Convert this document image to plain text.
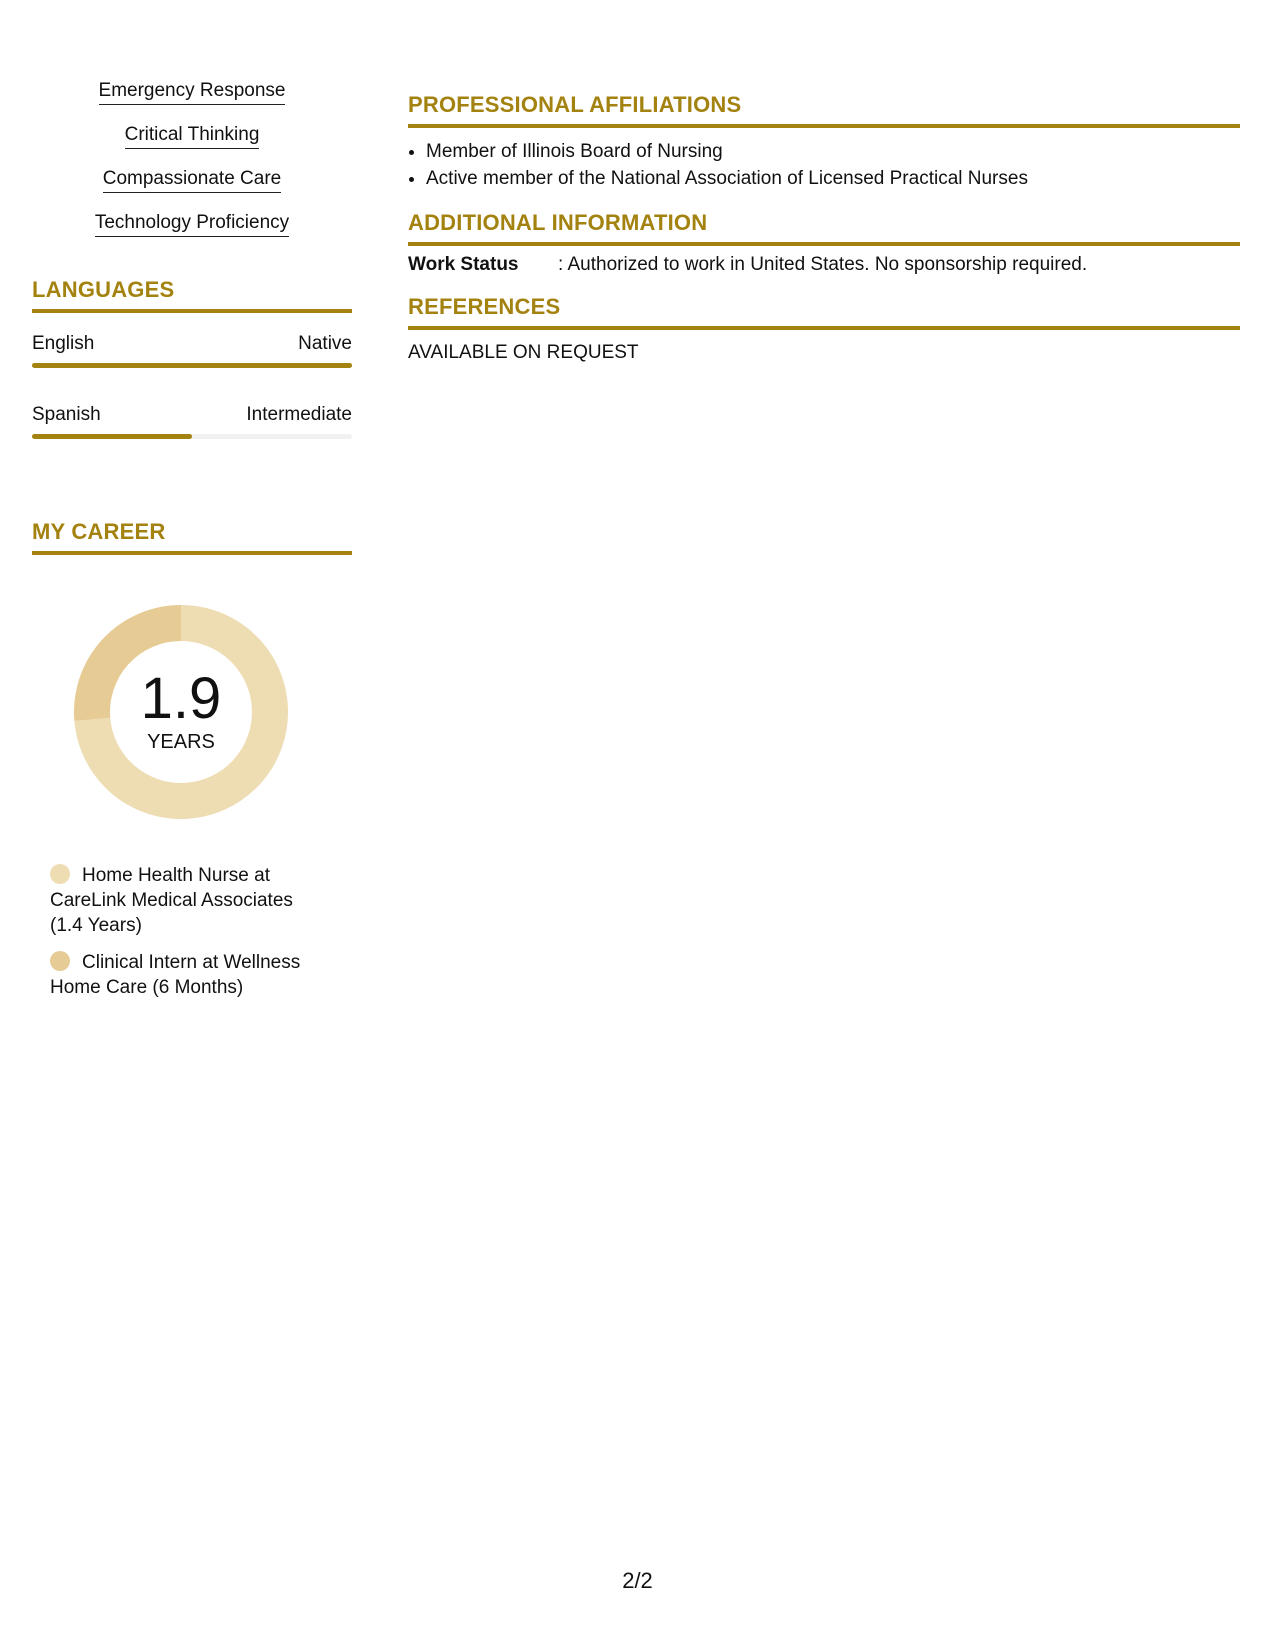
Emergency Response
Critical Thinking
Compassionate Care
Technology Proficiency
LANGUAGES
English	Native
Spanish	Intermediate
MY CAREER
1.9
YEARS
Home Health Nurse at CareLink Medical Associates (1.4 Years)
Clinical Intern at Wellness Home Care (6 Months)
PROFESSIONAL AFFILIATIONS
• Member of Illinois Board of Nursing
• Active member of the National Association of Licensed Practical Nurses
ADDITIONAL INFORMATION
Work Status	: Authorized to work in United States. No sponsorship required.
REFERENCES
AVAILABLE ON REQUEST
2/2
